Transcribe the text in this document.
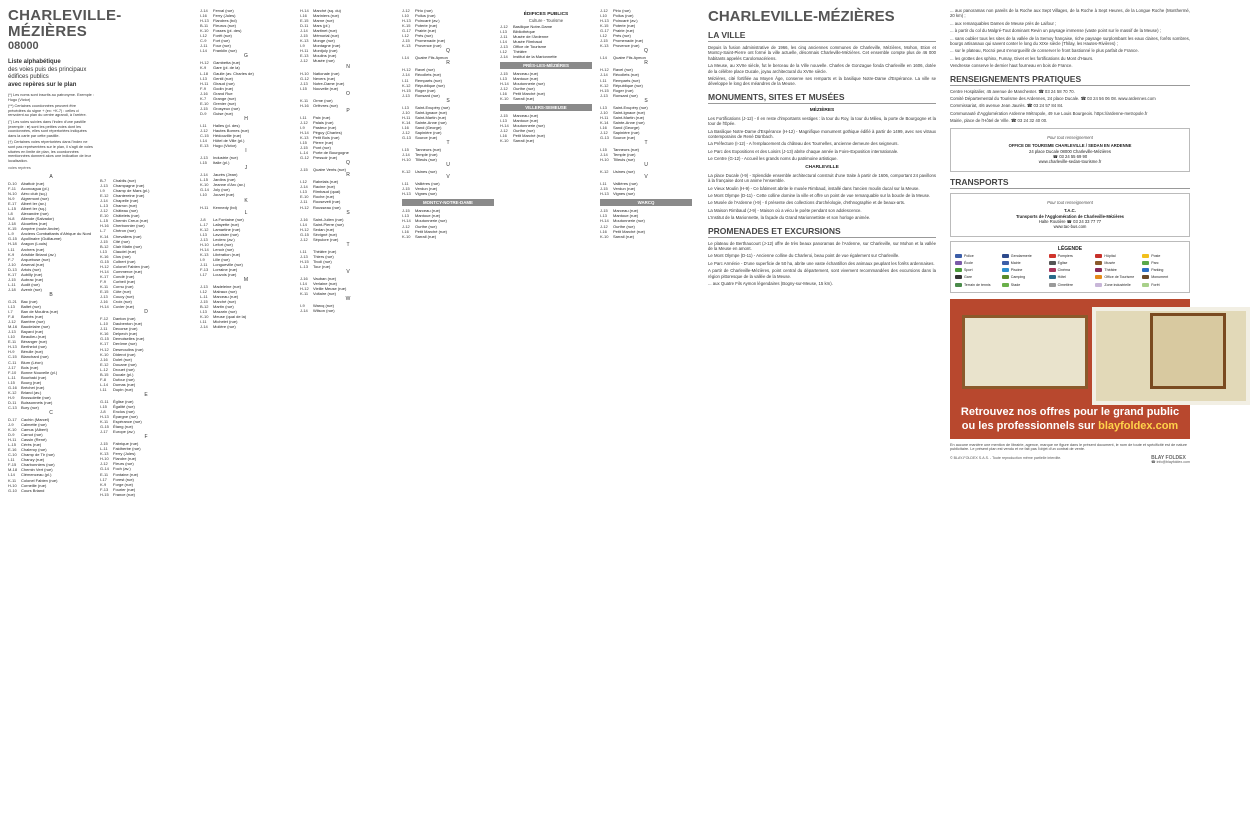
CHARLEVILLE-MÉZIÈRES
08000
Liste alphabétique
des voies puis des principaux édifices publics
avec repères sur le plan

(*) Les noms sont inscrits au patronyme. Exemple : Hugo (Victor)

(**) Certaines coordonnées peuvent être précédées du signe + (ex: +K-7) : celles ci renvoient au plan du centre agrandi, à l'arrière.

(°) Les voies suivies dans l'index d'une pastille (exemple : ●) sont les petites voies dont les coordonnées, elles sont répertoriées indiquées dans la carte par cette pastille.

(†) Certaines voies répertoriées dans l'index ne sont pas représentées sur le plan, il s'agit de voies situées en limite de plan, les coordonnées mentionnées donnent alors une indication de leur localisation.

voies repères
A
D-10 Abattoir (rue)
F-11 Aconcagua (pl.)
N-10 Aéro club (sq.)
N-9 Aigremont (rue)
E-17 Albert Ier (av.)
L-15 Albert Ier (sq.)
I-8 Alexandre (rue)
N-8 Allende (Salvador)
J-18 Alouettes (rue)
K-15 Ampère (route Andre)
L-9 Anciens Combattants d'Afrique du Nord
G-15 Apollinaire (Guillaume)
H-18 Aragon (Louis)
I-11 Archers (rue)
K-9 Aristide Briand (av.)
F-7 Arquebuse (rue)
J-10 Arsenal (rue)
D-13 Artois (rue)
K-17 Aubilly (rue)
J-15 Aubrac (rue)
L-11 Audit (rue)
J-18 Avenir (rue)
B
G-21 Bac (rue)
I-13 Baltet (rue)
I-7 Ban de Moulins (rue)
F-8 Barbès (rue)
J-12 Barrière (rue)
M-16 Baudelaire (rue)
J-13 Bayard (rue)
I-10 Beaulieu (rue)
E-11 Béranger (rue)
H-13 Berthelot (rue)
H-9 Bérulle (rue)
C-15 Blanchard (rue)
C-11 Blum (Léon)
J-17 Bois (rue)
F-10 Bonne Nouvelle (pl.)
L-11 Bourbaki (rue)
I-15 Bourg (rue)
G-16 Bréchet (rue)
K-12 Briand (av.)
H-9 Brossolette (rue)
D-11 Buissonnets (rue)
C-13 Bury (rue)
C
D-17 Cachin (Marcel)
J-9 Calmette (rue)
K-10 Camus (Albert)
D-9 Carnot (rue)
H-11 Cassin (René)
L-15 Cérès (rue)
E-16 Chaleroy (rue)
C-10 Champ de Tir (rue)
I-11 Chanzy (rue)
F-15 Charbonniers (rue)
M-18 Chemin Vert (rue)
I-14 Clémenceau (pl.)
K-11 Colonel Fabien (rue)
H-10 Corneille (rue)
G-10 Cours Briand
B-7 Chablis (rue)
J-13 Champagne (rue)
I-9 Champ de Mars (pl.)
E-12 Chantereine (rue)
J-14 Chapelle (rue)
L-13 Charron (rue)
J-12 Château (rue)
E-10 Châtelets (rue)
L-15 Chemin Creux (rue)
H-16 Cherbonnier (rue)
L-7 Chéron (rue)
K-14 Chevaliers (rue)
J-15 Cité (rue)
B-12 Clair Matin (rue)
I-13 Claudel (rue)
K-16 Clos (rue)
G-15 Colbert (rue)
H-12 Colonel Fabien (rue)
H-14 Commerce (rue)
K-17 Condé (rue)
F-9 Corbeil (rue)
K-11 Cornu (rue)
E-15 Côte (rue)
J-13 Coucy (rue)
J-16 Croix (rue)
H-14 Cuvier (rue)
D
F-12 Danton (rue)
L-10 Daubenton (rue)
J-11 Decorse (rue)
K-16 Delpech (rue)
G-15 Demoiselles (rue)
K-17 Derôme (rue)
H-12 Desmoulins (rue)
K-10 Diderot (rue)
J-16 Dolet (rue)
E-12 Douane (rue)
L-12 Drouet (rue)
B-15 Ducale (pl.)
F-8 Dufour (rue)
L-14 Dumas (rue)
I-11 Dupin (rue)
E
G-11 Église (rue)
I-15 Égalité (rue)
J-8 Enclos (rue)
H-13 Épargne (rue)
K-11 Espérance (rue)
G-15 Étang (rue)
J-17 Europe (av.)
F
J-15 Fabrique (rue)
L-11 Faidherbe (rue)
K-13 Ferry (Jules)
H-10 Flandre (rue)
J-12 Fleurs (rue)
G-14 Foch (av.)
E-11 Fontaine (rue)
I-17 Forest (rue)
K-9 Forge (rue)
F-13 Fourier (rue)
H-15 France (rue)
J-14 Ferval (rue)
I-16 Ferry (Jules)
H-13 Flandres (bd)
B-11 Fleurus (rue)
K-10 Fosses (pl. des)
I-12 Forêt (rue)
C-9 Fort (rue)
J-11 Four (rue)
I-14 Franklin (rue)
G
H-12 Gambetta (rue)
K-9 Gare (pl. de la)
L-18 Gaulle (av. Charles de)
I-13 Gentil (rue)
H-11 Giraud (rue)
F-9 Godin (rue)
J-16 Grand Rue
K-7 Grange (rue)
E-10 Grenier (rue)
J-15 Grosyeux (rue)
D-9 Guise (rue)
H
I-11 Halles (pl. des)
J-12 Hautes Bornes (rue)
C-15 Hédouville (rue)
I-14 Hôtel de Ville (pl.)
E-13 Hugo (Victor)
I
J-13 Industrie (rue)
I-15 Italie (pl.)
J
J-14 Jaurès (Jean)
L-15 Jardins (rue)
K-10 Jeanne d'Arc (av.)
G-14 Joly (rue)
I-10 Jouvet (rue)
K
H-11 Kennedy (bd)
L
J-8 La Fontaine (rue)
L-17 Lafayette (rue)
K-12 Lamartine (rue)
I-13 Lavoisier (rue)
J-13 Leclerc (av.)
H-10 Lefort (rue)
H-14 Lenoir (rue)
K-13 Libération (rue)
I-9 Lille (rue)
J-11 Longueville (rue)
F-13 Lorraine (rue)
I-17 Louvois (rue)
M
J-13 Madeleine (rue)
I-12 Malraux (rue)
L-11 Marceau (rue)
J-15 Marché (rue)
B-12 Martin (rue)
I-13 Mazarin (rue)
K-10 Meuse (quai de la)
I-11 Michelet (rue)
J-14 Molière (rue)
H-14 Marché (sq. du)
I-16 Mariniers (rue)
E-15 Marne (rue)
D-11 Mars (pl.)
J-14 Martinet (rue)
J-15 Mémorial (rue)
K-13 Monge (rue)
I-9 Montagne (rue)
H-11 Montjoly (rue)
E-13 Moulins (rue)
J-12 Musée (rue)
N
H-10 Nationale (rue)
G-12 Nevers (rue)
J-13 Notre-Dame (rue)
I-15 Nouvelle (rue)
O
K-11 Orme (rue)
H-16 Orfèvres (rue)
P
I-11 Paix (rue)
J-12 Palais (rue)
I-9 Pasteur (rue)
H-14 Péguy (Charles)
K-13 Petit Bois (rue)
I-15 Pierre (rue)
J-15 Pont (rue)
L-14 Porte de Bourgogne
G-12 Pressoir (rue)
Q
J-15 Quatre Vents (rue)
R
I-12 Rabelais (rue)
J-14 Racine (rue)
I-13 Rimbaud (quai)
E-10 Roche (rue)
J-11 Roosevelt (rue)
H-12 Rousseau (rue)
S
J-16 Saint-Julien (rue)
I-14 Saint-Pierre (rue)
H-12 Sedan (rue)
G-15 Sévigné (rue)
J-12 Sépulcre (rue)
T
I-11 Théâtre (rue)
J-13 Thiers (rue)
H-15 Tivoli (rue)
L-13 Tour (rue)
V
J-16 Vauban (rue)
I-14 Verlaine (rue)
H-12 Vieille Meuse (rue)
K-11 Voltaire (rue)
W
I-9 Warcq (rue)
J-14 Wilson (rue)
J-12 Pirio (rue)
I-10 Poilus (rue)
H-13 Poincaré (av.)
K-15 Poterie (rue)
G-17 Prairie (rue)
I-12 Prés (rue)
J-15 Promenade (rue)
K-13 Provence (rue)
Q
I-14 Quatre Fils Aymon
R
H-12 Ravel (rue)
J-14 Récollets (rue)
I-11 Remparts (rue)
K-12 République (rue)
H-15 Roger (rue)
J-13 Ronsard (rue)
S
I-13 Saint-Exupéry (rue)
J-10 Saint-Ignace (rue)
H-11 Saint-Martin (rue)
K-14 Sainte-Anne (rue)
I-16 Sand (George)
J-12 Sapinière (rue)
G-13 Source (rue)
T
I-15 Tanneurs (rue)
J-14 Temple (rue)
H-10 Tilleuls (rue)
U
K-12 Usines (rue)
V
I-11 Vallières (rue)
J-15 Verdun (rue)
H-13 Vignes (rue)
MONTCY-NOTRE-DAME
J-15 Marceau (rue)
I-13 Mantoue (rue)
H-14 Moutonnerie (rue)
J-12 Ourthe (rue)
I-16 Petit Marché (rue)
K-10 Sarrail (rue)
ÉDIFICES PUBLICS
Culture - Tourisme
J-12 Basilique Notre-Dame
I-13 Bibliothèque
J-11 Musée de l'Ardenne
I-14 Musée Rimbaud
J-13 Office de Tourisme
I-12 Théâtre
J-14 Institut de la Marionnette
PRÈS-LES-MÉZIÈRES
J-15 Marceau (rue)
I-13 Mantoue (rue)
H-14 Moutonnerie (rue)
J-12 Ourthe (rue)
I-16 Petit Marché (rue)
K-10 Sarrail (rue)
VILLERS-SEMEUSE
J-15 Marceau (rue)
I-13 Mantoue (rue)
H-14 Moutonnerie (rue)
J-12 Ourthe (rue)
I-16 Petit Marché (rue)
K-10 Sarrail (rue)
J-12 Pirio (rue)
I-10 Poilus (rue)
H-13 Poincaré (av.)
K-15 Poterie (rue)
G-17 Prairie (rue)
I-12 Prés (rue)
J-15 Promenade (rue)
K-13 Provence (rue)
Q
I-14 Quatre Fils Aymon
R
H-12 Ravel (rue)
J-14 Récollets (rue)
I-11 Remparts (rue)
K-12 République (rue)
H-15 Roger (rue)
J-13 Ronsard (rue)
S
I-13 Saint-Exupéry (rue)
J-10 Saint-Ignace (rue)
H-11 Saint-Martin (rue)
K-14 Sainte-Anne (rue)
I-16 Sand (George)
J-12 Sapinière (rue)
G-13 Source (rue)
T
I-15 Tanneurs (rue)
J-14 Temple (rue)
H-10 Tilleuls (rue)
U
K-12 Usines (rue)
V
I-11 Vallières (rue)
J-15 Verdun (rue)
H-13 Vignes (rue)
WARCQ
J-15 Marceau (rue)
I-13 Mantoue (rue)
H-14 Moutonnerie (rue)
J-12 Ourthe (rue)
I-16 Petit Marché (rue)
K-10 Sarrail (rue)
CHARLEVILLE-MÉZIÈRES
LA VILLE

Depuis la fusion administrative de 1966, les cinq anciennes communes de Charleville, Mézières, Mohon, Etion et Montcy-Saint-Pierre ont formé la ville actuelle, désormais Charleville-Mézières. Cet ensemble compte plus de 46 000 habitants appelés Carolomacériens.

La Meuse, au XVIIe siècle, fut le berceau de la Ville nouvelle. Charles de Gonzague fonda Charleville en 1606, dotée de la célèbre place Ducale, joyau architectural du XVIIe siècle.

Mézières, cité fortifiée au Moyen Âge, conserve ses remparts et la basilique Notre-Dame d'Espérance. La ville se développe le long des méandres de la Meuse.

MONUMENTS, SITES ET MUSÉES
MÉZIÈRES

Les Fortifications (J-12) - Il en reste d'importants vestiges : la tour du Roy, la tour du Milieu, la porte de Bourgogne et la tour de l'Épée.

La Basilique Notre-Dame d'Espérance (H-12) - Magnifique monument gothique édifié à partir de 1499, avec ses vitraux contemporains de René Dürrbach.

La Préfecture (I-12) - A l'emplacement du château des Tournelles, ancienne demeure des seigneurs.

Le Parc des Expositions et des Loisirs (J-13) abrite chaque année la Foire-Exposition internationale.

Le Centre (G-12) - Accueil les grands noms du patrimoine artistique.

CHARLEVILLE

La place Ducale (I-9) - Splendide ensemble architectural construit d'une traite à partir de 1606, comportant 24 pavillons à la française dont un anime l'ensemble.

Le Vieux Moulin (H-9) - Ce bâtiment abrite le musée Rimbaud, installé dans l'ancien moulin ducal sur la Meuse.

Le Mont Olympe (D-11) - Cette colline domine la ville et offre un point de vue remarquable sur la boucle de la Meuse.

Le Musée de l'Ardenne (I-9) - Il présente des collections d'archéologie, d'ethnographie et de beaux-arts.

La Maison Rimbaud (J-9) - Maison où a vécu le poète pendant son adolescence.

L'Institut de la Marionnette, la façade du Grand Marionnettiste et son horloge animée.

PROMENADES ET EXCURSIONS

Le plateau de Berthaucourt (J-12) offre de très beaux panoramas de l'Ardenne, sur Charleville, sur Mohon et la vallée de la Meuse en amont.

Le Mont Olympe (D-11) - Ancienne colline du Charleroi, beau point de vue également sur Charleville.

Le Parc Arménie - D'une superficie de 50 ha, abrite une vaste échantillon des animaux peuplant les forêts ardennaises.

A partir de Charleville-Mézières, point central du département, sont vivement recommandées des excursions dans la région pittoresque de la vallée de la Meuse.

... aux Quatre Fils Aymon légendaires (Bogny-sur-Meuse, 15 km).

... aux panoramas non pareils de la Roche aux Sept Villages, de la Roche à Sept Heures, de la Longue Roche (Monthermé, 20 km) ;

... aux remarquables Dames de Meuse près de Laifour ;

... à partir du col du Malgré-Tout dominant Revin un paysage immense (vaste point sur le massif de la Meuse) ;

... sans oublier tous les sites de la vallée de la Semoy française, riche paysage surplombant les eaux claires, forêts sombres, bourgs artisanaux qui savent conter le long du XIXe siècle (Thilay, les Hautes-Rivières) ;

... sur le plateau, Rocroi peut s'enorgueillir de conserver le front bastionné le plus parfait de France.

... les grottes des sphinx, Fumay, Givet et les fortifications du Mont d'Haurs.

Vendresse conserve le dernier haut fourneau en bois de France.

RENSEIGNEMENTS PRATIQUES

Centre Hospitalier, 45 avenue de Manchester. ☎ 03 24 58 70 70.

Comité Départemental du Tourisme des Ardennes, 24 place Ducale. ☎ 03 24 56 06 08. www.ardennes.com

Commissariat, 4/6 avenue Jean Jaurès. ☎ 03 24 57 84 84.

Communauté d'Agglomération Ardenne Métropole, 49 rue Louis Bourgeois. https://ardenne-metropole.fr

Mairie, place de l'Hôtel de Ville. ☎ 03 24 32 40 00.

Pour tout renseignement
OFFICE DE TOURISME CHARLEVILLE / SEDAN EN ARDENNE
24 place Ducale 08000 Charleville-Mézières
☎ 03 24 55 69 90
www.charleville-sedan-tourisme.fr
TRANSPORTS
Pour tout renseignement
T.A.C.
Transports de l'Agglomération de Charleville-Mézières
Halte Routière ☎ 03 24 33 77 77
www.tac-bus.com
LÉGENDE
Police	Gendarmerie	Pompiers	Hôpital	Poste
École	Mairie	Église	Musée	Parc
Sport	Piscine	Cinéma	Théâtre	Parking
Gare	Camping	Hôtel	Office de Tourisme	Monument
Terrain de tennis	Stade	Cimetière	Zone industrielle	Forêt
Retrouvez nos offres pour le grand public
ou les professionnels sur blayfoldex.com
En aucune manière une mention de librairie, agence, marque ne figure dans le présent document, le nom de toute et spécificité est de nature publicitaire. Le présent plan est vendu et ne fait pas l'objet d'un contrat de vente.
© BLAY-FOLDEX S.A.S. - Toute reproduction même partielle interdite.	BLAY FOLDEX
☎ info@blayfoldex.com
